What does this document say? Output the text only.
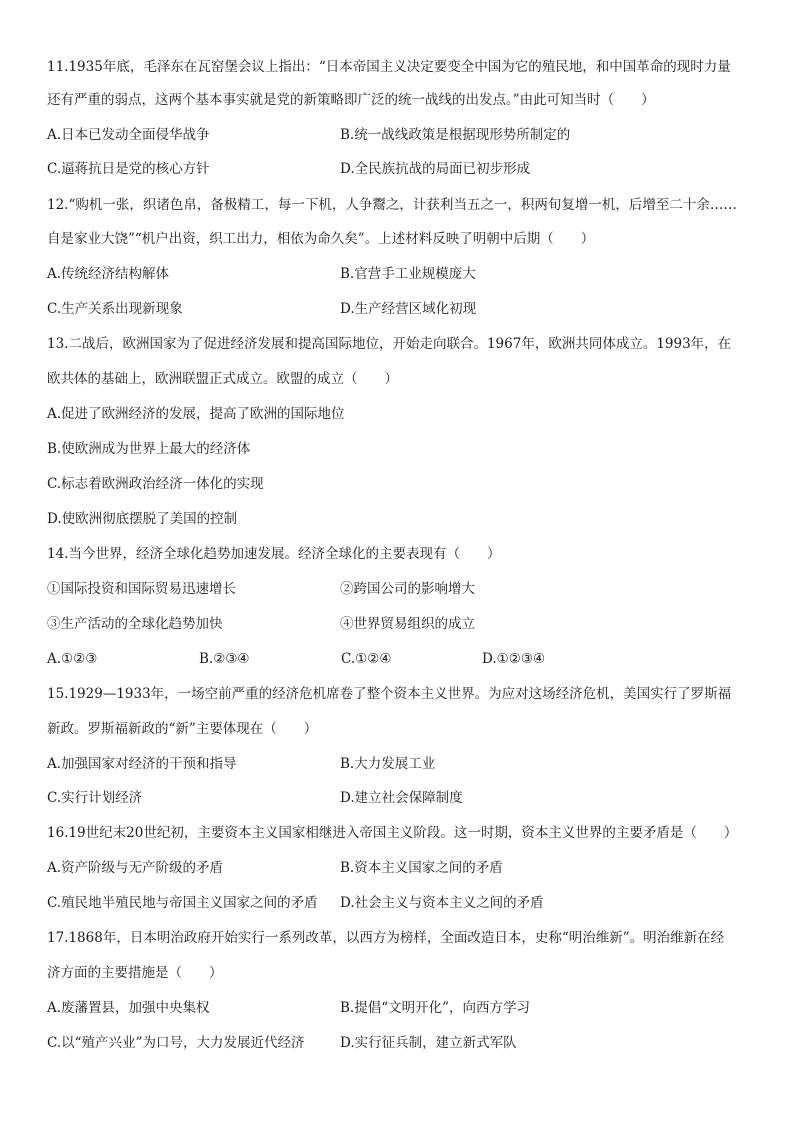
11.1935年底，毛泽东在瓦窑堡会议上指出：“日本帝国主义决定要变全中国为它的殖民地，和中国革命的现时力量
还有严重的弱点，这两个基本事实就是党的新策略即广泛的统一战线的出发点。”由此可知当时（　　）
A.日本已发动全面侵华战争	B.统一战线政策是根据现形势所制定的
C.逼蒋抗日是党的核心方针	D.全民族抗战的局面已初步形成
12.“购机一张，织诸色帛，备极精工，每一下机，人争鬻之，计获利当五之一，积两旬复增一机，后增至二十余……
自是家业大饶”“机户出资，织工出力，相依为命久矣”。上述材料反映了明朝中后期（　　）
A.传统经济结构解体	B.官营手工业规模庞大
C.生产关系出现新现象	D.生产经营区域化初现
13.二战后，欧洲国家为了促进经济发展和提高国际地位，开始走向联合。1967年，欧洲共同体成立。1993年，在
欧共体的基础上，欧洲联盟正式成立。欧盟的成立（　　）
A.促进了欧洲经济的发展，提高了欧洲的国际地位
B.使欧洲成为世界上最大的经济体
C.标志着欧洲政治经济一体化的实现
D.使欧洲彻底摆脱了美国的控制
14.当今世界，经济全球化趋势加速发展。经济全球化的主要表现有（　　）
①国际投资和国际贸易迅速增长	②跨国公司的影响增大
③生产活动的全球化趋势加快	④世界贸易组织的成立
A.①②③	B.②③④	C.①②④	D.①②③④
15.1929—1933年，一场空前严重的经济危机席卷了整个资本主义世界。为应对这场经济危机，美国实行了罗斯福
新政。罗斯福新政的“新”主要体现在（　　）
A.加强国家对经济的干预和指导	B.大力发展工业
C.实行计划经济	D.建立社会保障制度
16.19世纪末20世纪初，主要资本主义国家相继进入帝国主义阶段。这一时期，资本主义世界的主要矛盾是（　　）
A.资产阶级与无产阶级的矛盾	B.资本主义国家之间的矛盾
C.殖民地半殖民地与帝国主义国家之间的矛盾 D.社会主义与资本主义之间的矛盾
17.1868年，日本明治政府开始实行一系列改革，以西方为榜样，全面改造日本，史称“明治维新”。明治维新在经
济方面的主要措施是（　　）
A.废藩置县，加强中央集权	B.提倡“文明开化”，向西方学习
C.以“殖产兴业”为口号，大力发展近代经济	D.实行征兵制，建立新式军队
